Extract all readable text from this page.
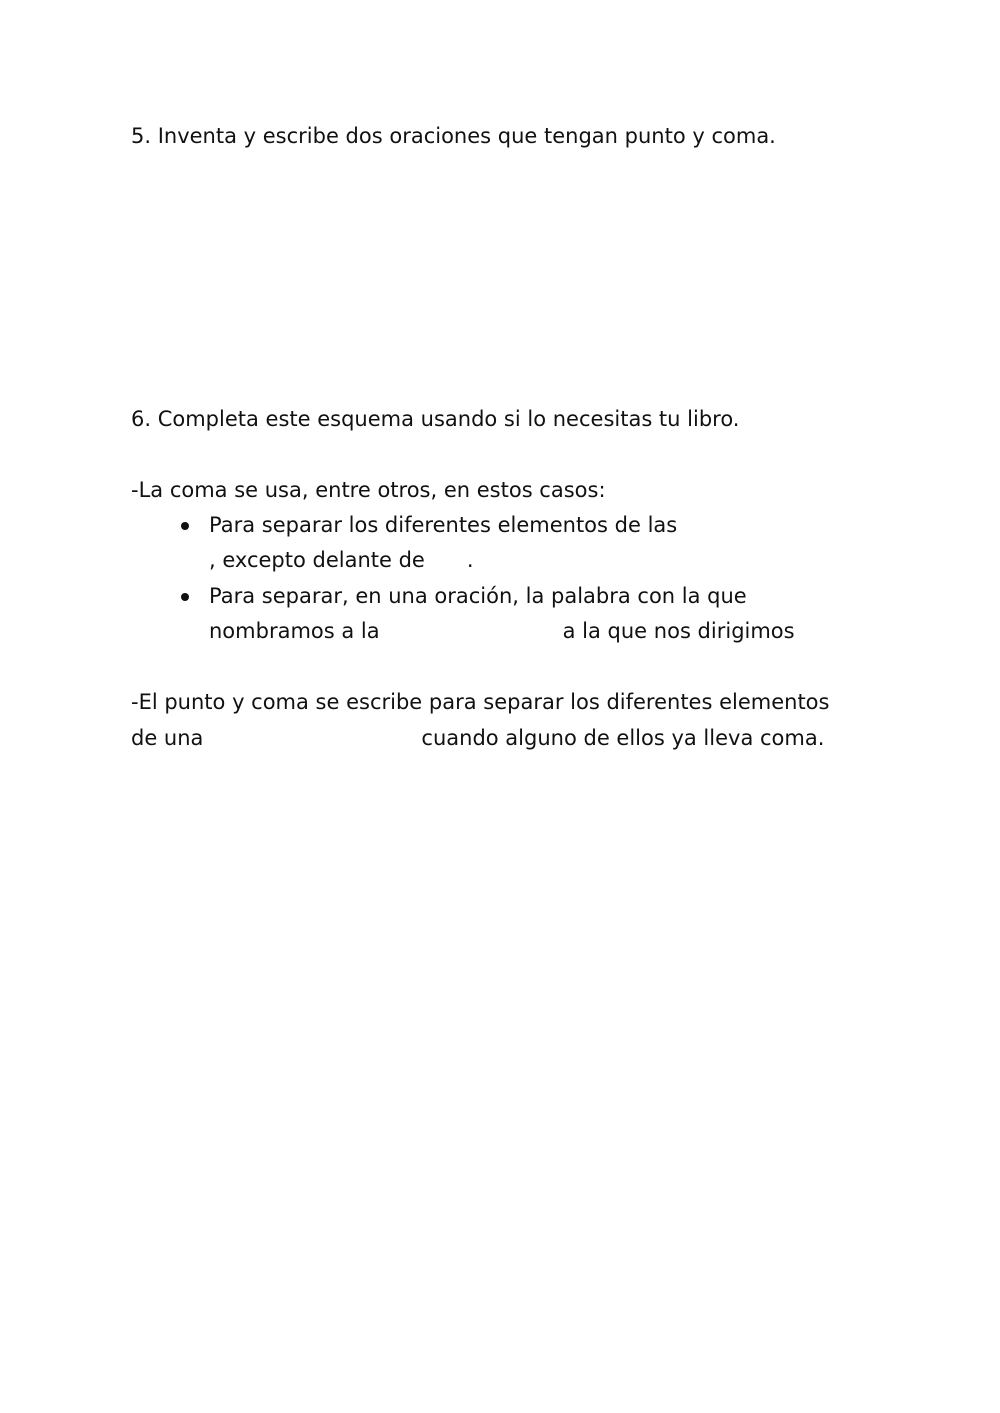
5. Inventa y escribe dos oraciones que tengan punto y coma.
6. Completa este esquema usando si lo necesitas tu libro.
-La coma se usa, entre otros, en estos casos:
Para separar los diferentes elementos de las
, excepto delante de .
Para separar, en una oración, la palabra con la que
nombramos a la	a la que nos dirigimos
-El punto y coma se escribe para separar los diferentes elementos
de una	cuando alguno de ellos ya lleva coma.
